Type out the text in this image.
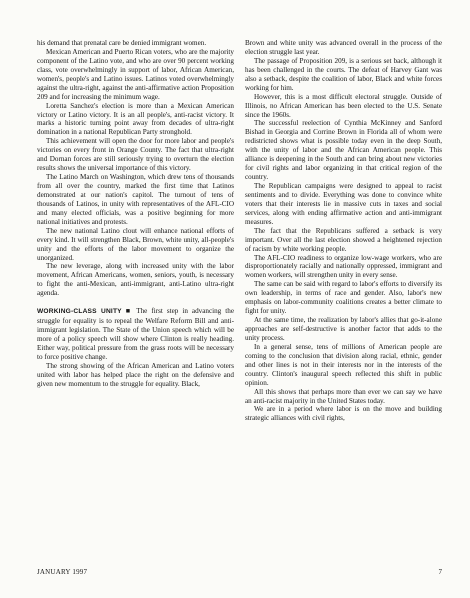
his demand that prenatal care be denied immigrant women.

Mexican American and Puerto Rican voters, who are the majority component of the Latino vote, and who are over 90 percent working class, vote overwhelmingly in support of labor, African American, women's, people's and Latino issues. Latinos voted overwhelmingly against the ultra-right, against the anti-affirmative action Proposition 209 and for increasing the minimum wage.

Loretta Sanchez's election is more than a Mexican American victory or Latino victory. It is an all people's, anti-racist victory. It marks a historic turning point away from decades of ultra-right domination in a national Republican Party stronghold.

This achievement will open the door for more labor and people's victories on every front in Orange County. The fact that ultra-right and Dornan forces are still seriously trying to overturn the election results shows the universal importance of this victory.

The Latino March on Washington, which drew tens of thousands from all over the country, marked the first time that Latinos demonstrated at our nation's capitol. The turnout of tens of thousands of Latinos, in unity with representatives of the AFL-CIO and many elected officials, was a positive beginning for more national initiatives and protests.

The new national Latino clout will enhance national efforts of every kind. It will strengthen Black, Brown, white unity, all-people's unity and the efforts of the labor movement to organize the unorganized.

The new leverage, along with increased unity with the labor movement, African Americans, women, seniors, youth, is necessary to fight the anti-Mexican, anti-immigrant, anti-Latino ultra-right agenda.

WORKING-CLASS UNITY ■ The first step in advancing the struggle for equality is to repeal the Welfare Reform Bill and anti-immigrant legislation. The State of the Union speech which will be more of a policy speech will show where Clinton is really heading. Either way, political pressure from the grass roots will be necessary to force positive change.

The strong showing of the African American and Latino voters united with labor has helped place the right on the defensive and given new momentum to the struggle for equality. Black,

Brown and white unity was advanced overall in the process of the election struggle last year.

The passage of Proposition 209, is a serious set back, although it has been challenged in the courts. The defeat of Harvey Gant was also a setback, despite the coalition of labor, Black and white forces working for him.

However, this is a most difficult electoral struggle. Outside of Illinois, no African American has been elected to the U.S. Senate since the 1960s.

The successful reelection of Cynthia McKinney and Sanford Bishad in Georgia and Corrine Brown in Florida all of whom were redistricted shows what is possible today even in the deep South, with the unity of labor and the African American people. This alliance is deepening in the South and can bring about new victories for civil rights and labor organizing in that critical region of the country.

The Republican campaigns were designed to appeal to racist sentiments and to divide. Everything was done to convince white voters that their interests lie in massive cuts in taxes and social services, along with ending affirmative action and anti-immigrant measures.

The fact that the Republicans suffered a setback is very important. Over all the last election showed a heightened rejection of racism by white working people.

The AFL-CIO readiness to organize low-wage workers, who are disproportionately racially and nationally oppressed, immigrant and women workers, will strengthen unity in every sense.

The same can be said with regard to labor's efforts to diversify its own leadership, in terms of race and gender. Also, labor's new emphasis on labor-community coalitions creates a better climate to fight for unity.

At the same time, the realization by labor's allies that go-it-alone approaches are self-destructive is another factor that adds to the unity process.

In a general sense, tens of millions of American people are coming to the conclusion that division along racial, ethnic, gender and other lines is not in their interests nor in the interests of the country. Clinton's inaugural speech reflected this shift in public opinion.

All this shows that perhaps more than ever we can say we have an anti-racist majority in the United States today.

We are in a period where labor is on the move and building strategic alliances with civil rights,

JANUARY 1997	7
